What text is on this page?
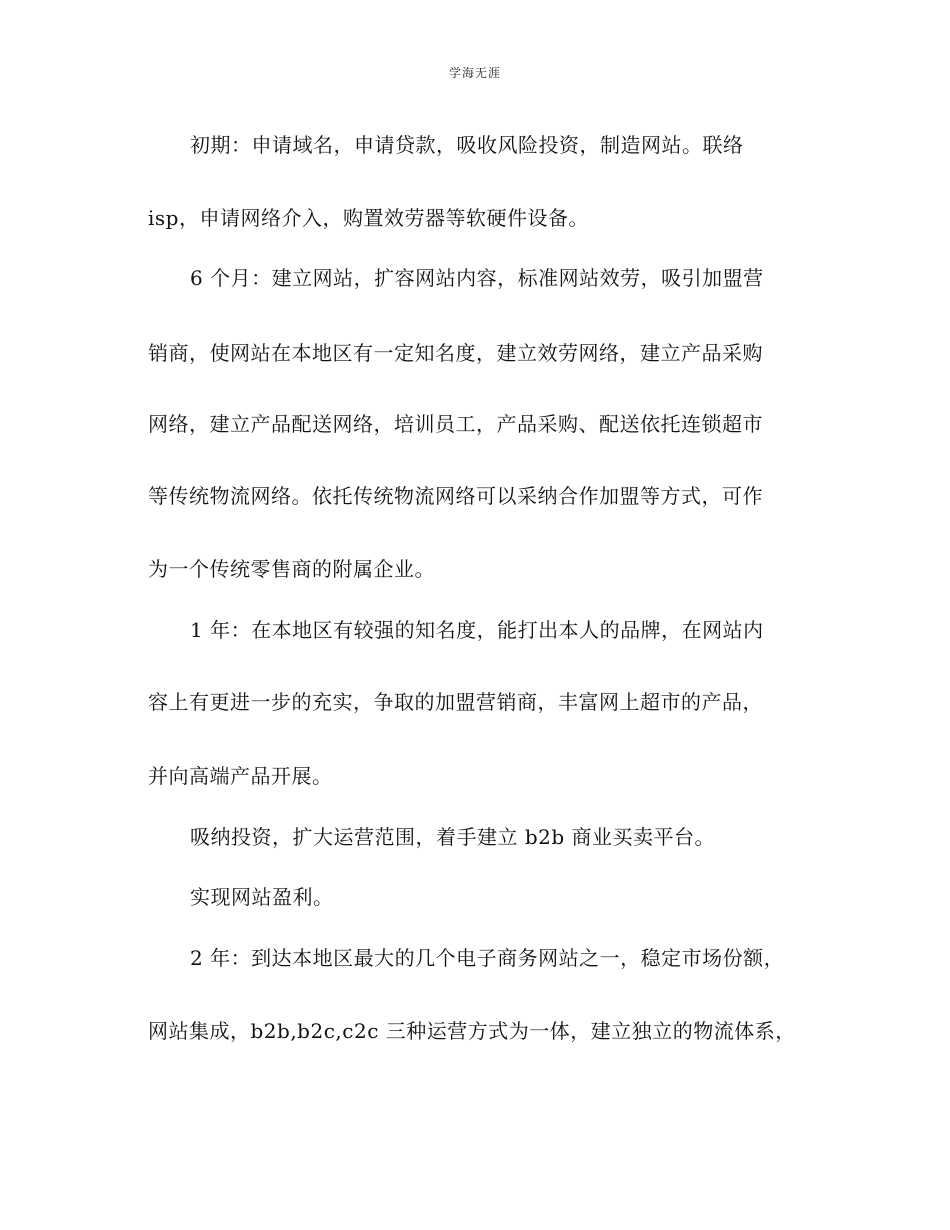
学海无涯
初期：申请域名，申请贷款，吸收风险投资，制造网站。联络
isp，申请网络介入，购置效劳器等软硬件设备。
6 个月：建立网站，扩容网站内容，标准网站效劳，吸引加盟营
销商，使网站在本地区有一定知名度，建立效劳网络，建立产品采购
网络，建立产品配送网络，培训员工，产品采购、配送依托连锁超市
等传统物流网络。依托传统物流网络可以采纳合作加盟等方式，可作
为一个传统零售商的附属企业。
1 年：在本地区有较强的知名度，能打出本人的品牌，在网站内
容上有更进一步的充实，争取的加盟营销商，丰富网上超市的产品，
并向高端产品开展。
吸纳投资，扩大运营范围，着手建立 b2b 商业买卖平台。
实现网站盈利。
2 年：到达本地区最大的几个电子商务网站之一，稳定市场份额，
网站集成，b2b,b2c,c2c 三种运营方式为一体，建立独立的物流体系，
